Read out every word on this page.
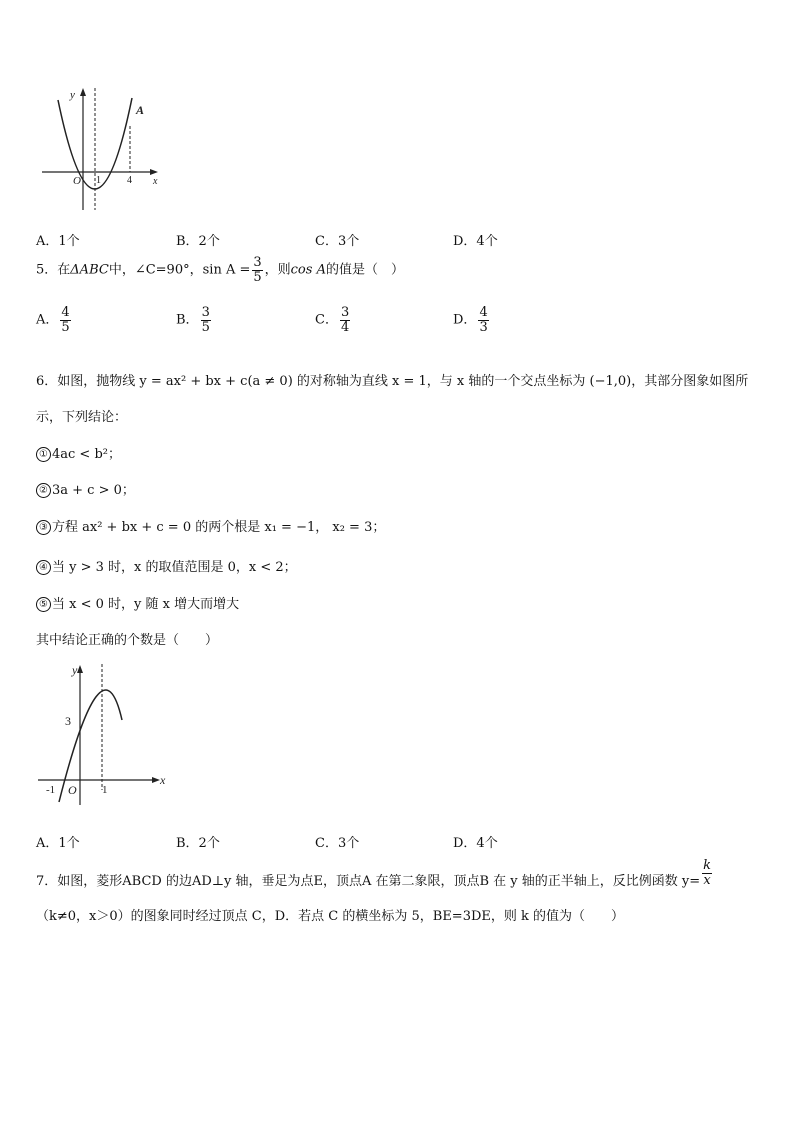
y
x
O 1	4
A
A．1个	B．2个	C．3个	D．4个
5．在ΔABC中，∠C=90°，$\sin A = \frac{3}{5}$ ，则cos A的值是（　）
A． $\frac{4}{5}$	B． $\frac{3}{5}$	C． $\frac{3}{4}$	D． $\frac{4}{3}$
6．如图，抛物线 y = ax² + bx + c(a ≠ 0) 的对称轴为直线 x = 1，与 x 轴的一个交点坐标为 (−1,0)，其部分图象如图所
示，下列结论：
① 4ac < b²；
② 3a + c > 0；
③ 方程 ax² + bx + c = 0 的两个根是 x₁ = −1， x₂ = 3；
④ 当 y > 3 时，x 的取值范围是 0，x < 2；
⑤ 当 x < 0 时，y 随 x 增大而增大
其中结论正确的个数是（　　）
y
x
3
-1 O 1
A．1个	B．2个	C．3个	D．4个
7．如图，菱形ABCD 的边AD⊥y 轴，垂足为点E，顶点A 在第二象限，顶点B 在 y 轴的正半轴上，反比例函数 $y= \frac{k}{x}$
（k≠0，x＞0）的图象同时经过顶点 C，D．若点 C 的横坐标为 5，BE=3DE，则 k 的值为（　　）
